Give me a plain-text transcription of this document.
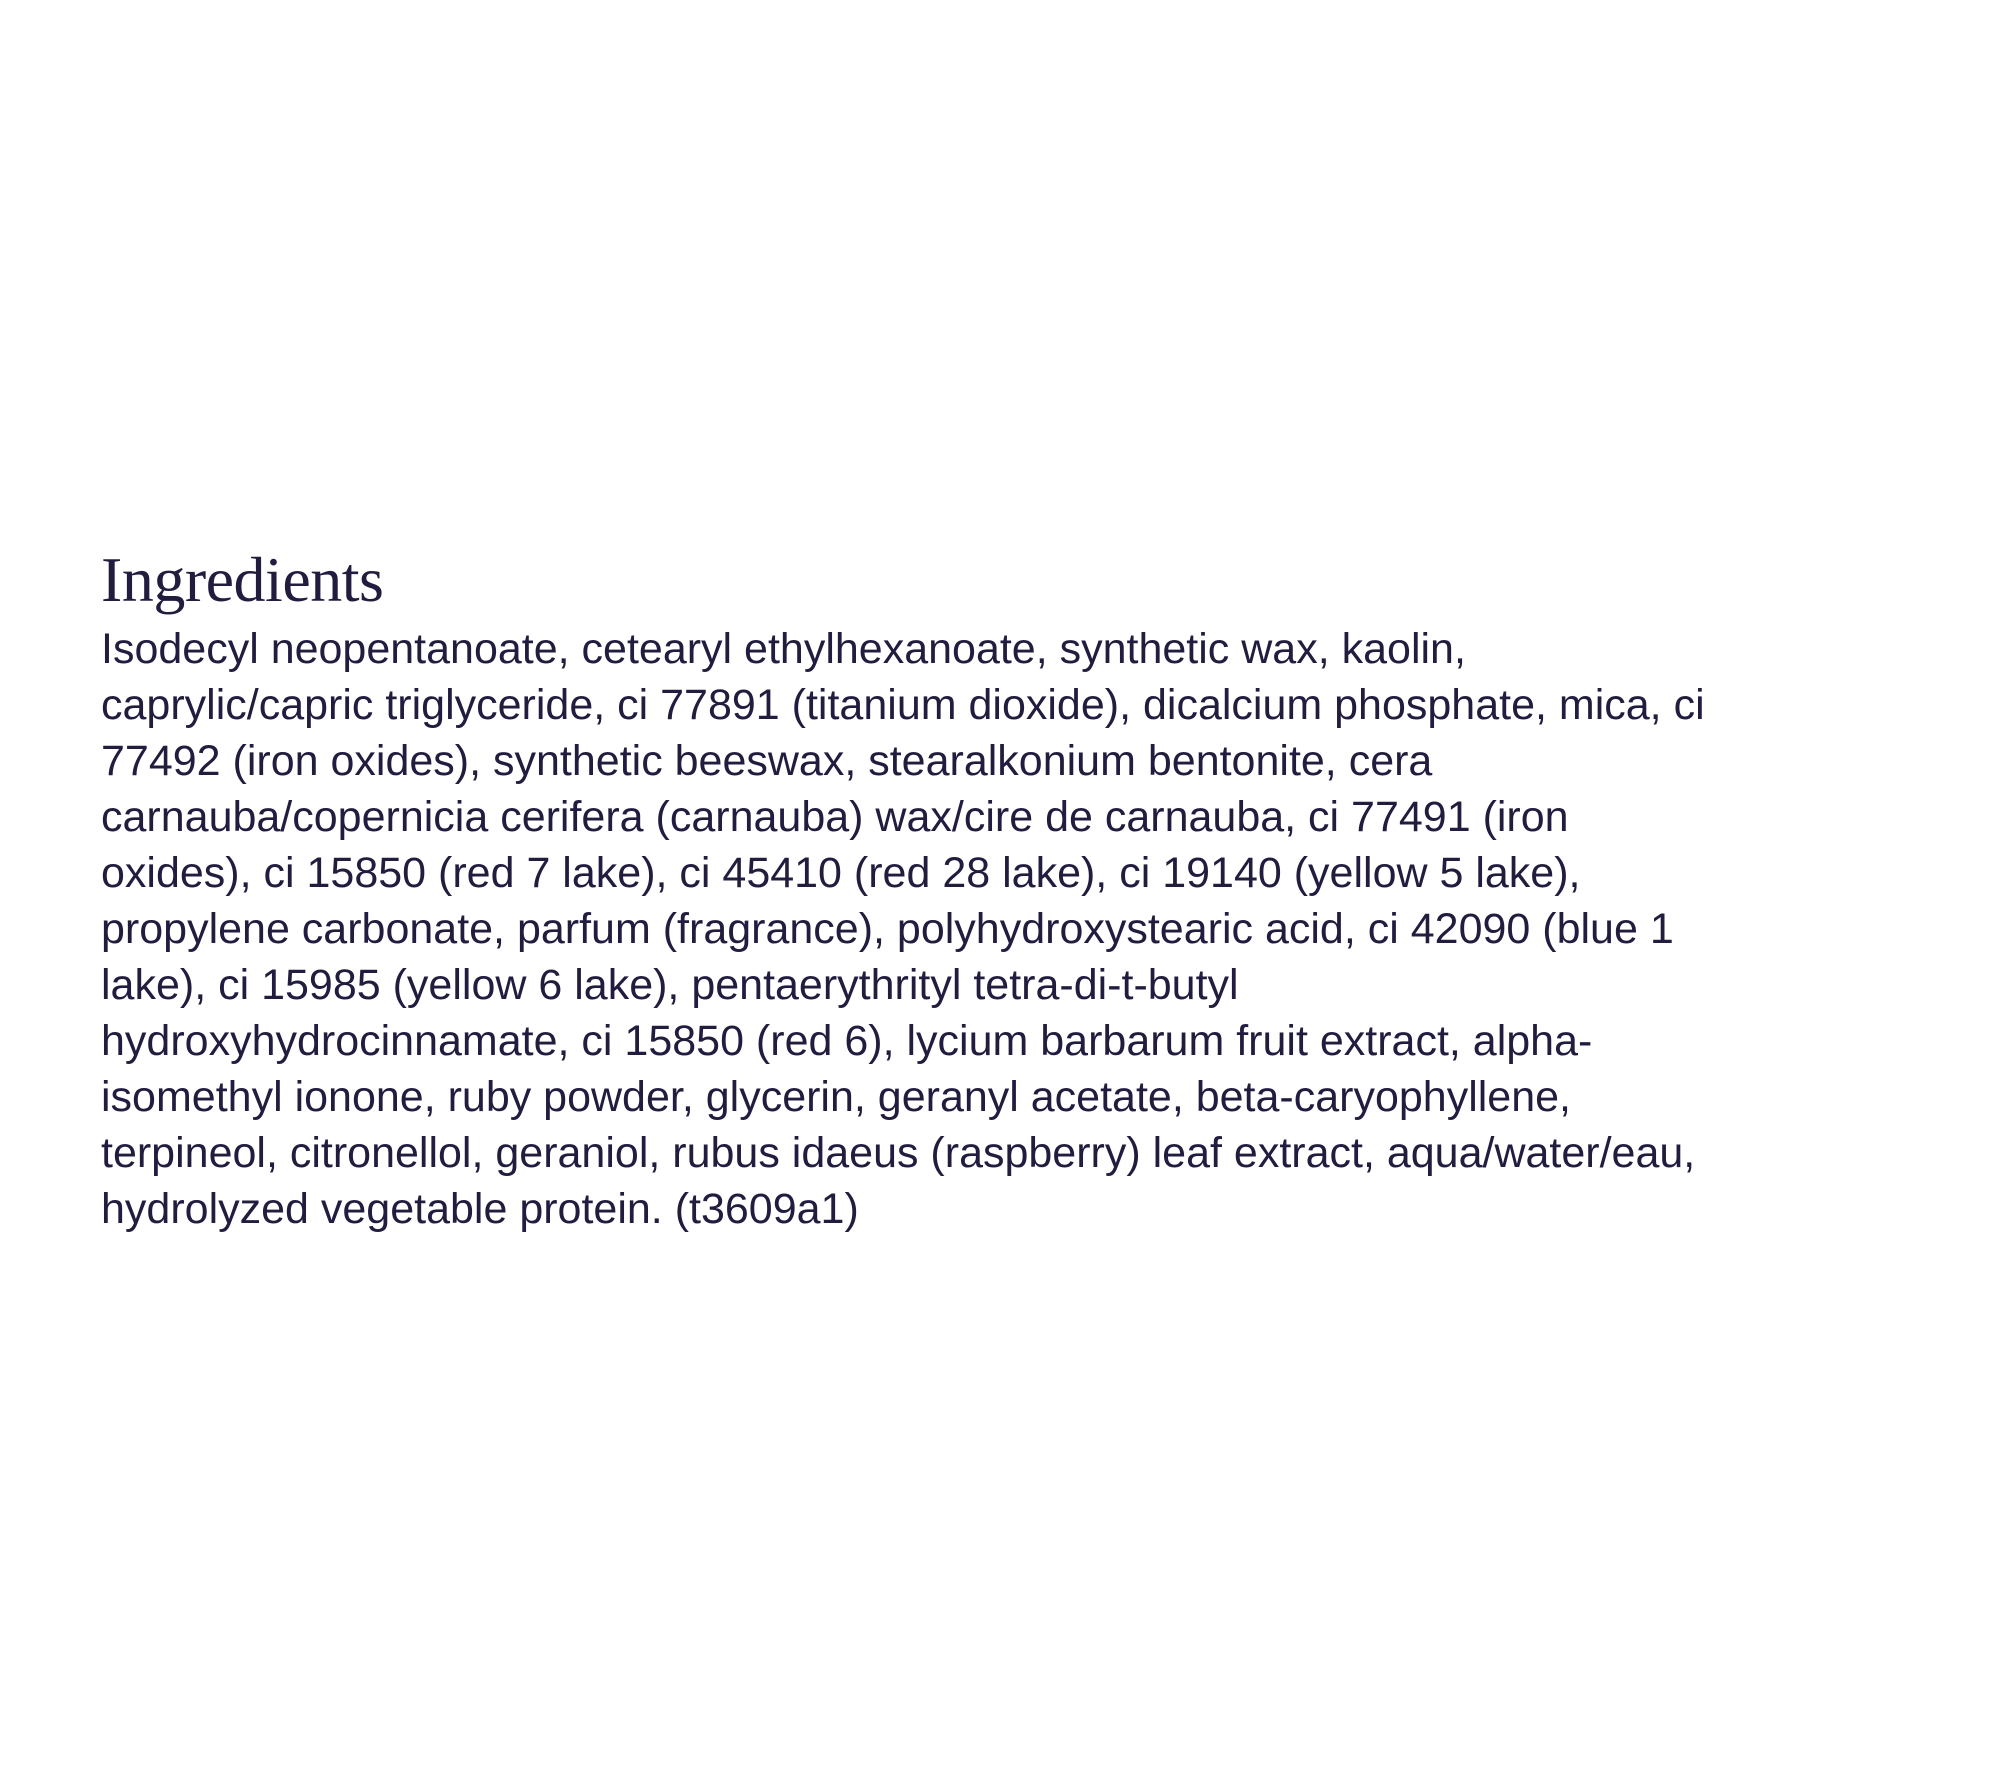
Ingredients

Isodecyl neopentanoate, cetearyl ethylhexanoate, synthetic wax, kaolin,
caprylic/capric triglyceride, ci 77891 (titanium dioxide), dicalcium phosphate, mica, ci
77492 (iron oxides), synthetic beeswax, stearalkonium bentonite, cera
carnauba/copernicia cerifera (carnauba) wax/cire de carnauba, ci 77491 (iron
oxides), ci 15850 (red 7 lake), ci 45410 (red 28 lake), ci 19140 (yellow 5 lake),
propylene carbonate, parfum (fragrance), polyhydroxystearic acid, ci 42090 (blue 1
lake), ci 15985 (yellow 6 lake), pentaerythrityl tetra-di-t-butyl
hydroxyhydrocinnamate, ci 15850 (red 6), lycium barbarum fruit extract, alpha-
isomethyl ionone, ruby powder, glycerin, geranyl acetate, beta-caryophyllene,
terpineol, citronellol, geraniol, rubus idaeus (raspberry) leaf extract, aqua/water/eau,
hydrolyzed vegetable protein. (t3609a1)
